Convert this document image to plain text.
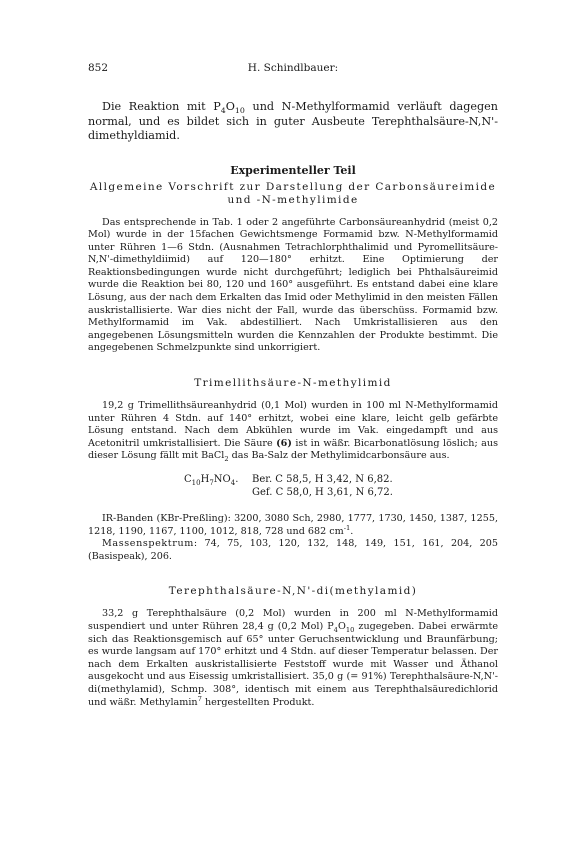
852	H. Schindlbauer:

Die Reaktion mit $P_4O_{10}$ und N-Methylformamid verläuft dagegen normal, und es bildet sich in guter Ausbeute Terephthalsäure-N,N'-dimethyldiamid.

Experimenteller Teil
Allgemeine Vorschrift zur Darstellung der Carbonsäureimide
und -N-methylimide

Das entsprechende in Tab. 1 oder 2 angeführte Carbonsäureanhydrid (meist 0,2 Mol) wurde in der 15fachen Gewichtsmenge Formamid bzw. N-Methylformamid unter Rühren 1—6 Stdn. (Ausnahmen Tetrachlorphthalimid und Pyromellitsäure-N,N'-dimethyldiimid) auf 120—180° erhitzt. Eine Optimierung der Reaktionsbedingungen wurde nicht durchgeführt; lediglich bei Phthalsäureimid wurde die Reaktion bei 80, 120 und 160° ausgeführt. Es entstand dabei eine klare Lösung, aus der nach dem Erkalten das Imid oder Methylimid in den meisten Fällen auskristallisierte. War dies nicht der Fall, wurde das überschüss. Formamid bzw. Methylformamid im Vak. abdestilliert. Nach Umkristallisieren aus den angegebenen Lösungsmitteln wurden die Kennzahlen der Produkte bestimmt. Die angegebenen Schmelzpunkte sind unkorrigiert.

Trimellithsäure-N-methylimid

19,2 g Trimellithsäureanhydrid (0,1 Mol) wurden in 100 ml N-Methylformamid unter Rühren 4 Stdn. auf 140° erhitzt, wobei eine klare, leicht gelb gefärbte Lösung entstand. Nach dem Abkühlen wurde im Vak. eingedampft und aus Acetonitril umkristallisiert. Die Säure (6) ist in wäßr. Bicarbonatlösung löslich; aus dieser Lösung fällt mit BaCl$_2$ das Ba-Salz der Methylimidcarbonsäure aus.

$C_{10}H_7NO_4$.	Ber. C 58,5, H 3,42, N 6,82.
Gef. C 58,0, H 3,61, N 6,72.

IR-Banden (KBr-Preßling): 3200, 3080 Sch, 2980, 1777, 1730, 1450, 1387, 1255, 1218, 1190, 1167, 1100, 1012, 818, 728 und 682 $cm^{-1}$.

Massenspektrum: 74, 75, 103, 120, 132, 148, 149, 151, 161, 204, 205 (Basispeak), 206.

Terephthalsäure-N,N'-di(methylamid)

33,2 g Terephthalsäure (0,2 Mol) wurden in 200 ml N-Methylformamid suspendiert und unter Rühren 28,4 g (0,2 Mol) $P_4O_{10}$ zugegeben. Dabei erwärmte sich das Reaktionsgemisch auf 65° unter Geruchsentwicklung und Braunfärbung; es wurde langsam auf 170° erhitzt und 4 Stdn. auf dieser Temperatur belassen. Der nach dem Erkalten auskristallisierte Feststoff wurde mit Wasser und Äthanol ausgekocht und aus Eisessig umkristallisiert. 35,0 g (= 91%) Terephthalsäure-N,N'-di(methylamid), Schmp. 308°, identisch mit einem aus Terephthalsäuredichlorid und wäßr. Methylamin$^7$ hergestellten Produkt.
